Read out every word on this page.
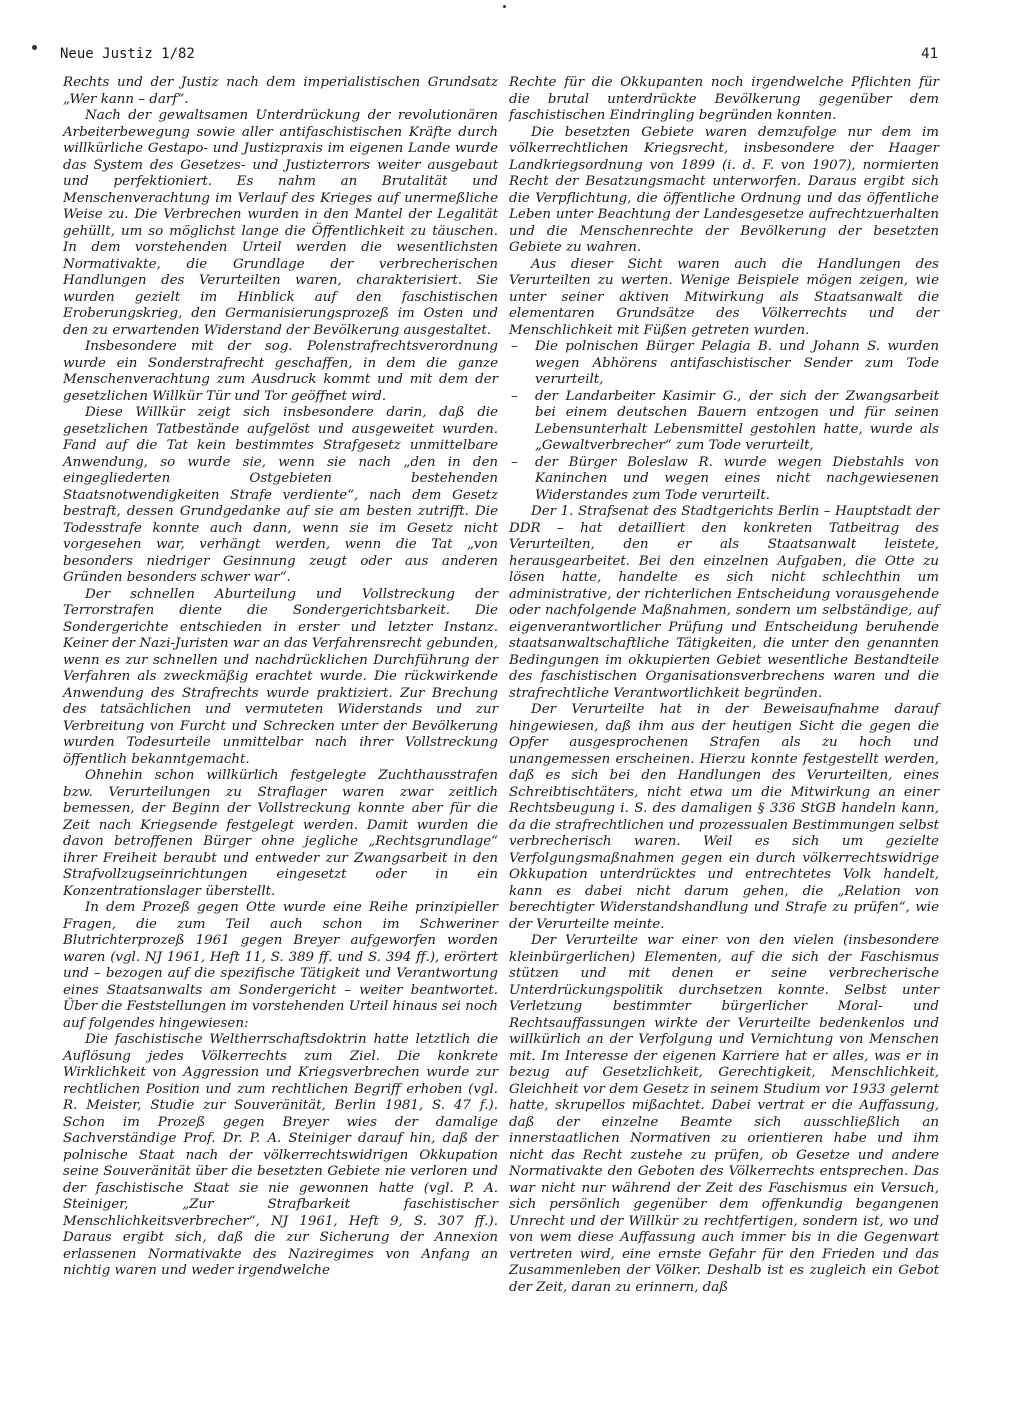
Neue Justiz 1/82	41

Rechts und der Justiz nach dem imperialistischen Grundsatz „Wer kann – darf“.

Nach der gewaltsamen Unterdrückung der revolutionären Arbeiterbewegung sowie aller antifaschistischen Kräfte durch willkürliche Gestapo- und Justizpraxis im eigenen Lande wurde das System des Gesetzes- und Justizterrors weiter ausgebaut und perfektioniert. Es nahm an Brutalität und Menschenverachtung im Verlauf des Krieges auf unermeßliche Weise zu. Die Verbrechen wurden in den Mantel der Legalität gehüllt, um so möglichst lange die Öffentlichkeit zu täuschen. In dem vorstehenden Urteil werden die wesentlichsten Normativakte, die Grundlage der verbrecherischen Handlungen des Verurteilten waren, charakterisiert. Sie wurden gezielt im Hinblick auf den faschistischen Eroberungskrieg, den Germanisierungsprozeß im Osten und den zu erwartenden Widerstand der Bevölkerung ausgestaltet.

Insbesondere mit der sog. Polenstrafrechtsverordnung wurde ein Sonderstrafrecht geschaffen, in dem die ganze Menschenverachtung zum Ausdruck kommt und mit dem der gesetzlichen Willkür Tür und Tor geöffnet wird.

Diese Willkür zeigt sich insbesondere darin, daß die gesetzlichen Tatbestände aufgelöst und ausgeweitet wurden. Fand auf die Tat kein bestimmtes Strafgesetz unmittelbare Anwendung, so wurde sie, wenn sie nach „den in den eingegliederten Ostgebieten bestehenden Staatsnotwendigkeiten Strafe verdiente“, nach dem Gesetz bestraft, dessen Grundgedanke auf sie am besten zutrifft. Die Todesstrafe konnte auch dann, wenn sie im Gesetz nicht vorgesehen war, verhängt werden, wenn die Tat „von besonders niedriger Gesinnung zeugt oder aus anderen Gründen besonders schwer war“.

Der schnellen Aburteilung und Vollstreckung der Terrorstrafen diente die Sondergerichtsbarkeit. Die Sondergerichte entschieden in erster und letzter Instanz. Keiner der Nazi-Juristen war an das Verfahrensrecht gebunden, wenn es zur schnellen und nachdrücklichen Durchführung der Verfahren als zweckmäßig erachtet wurde. Die rückwirkende Anwendung des Strafrechts wurde praktiziert. Zur Brechung des tatsächlichen und vermuteten Widerstands und zur Verbreitung von Furcht und Schrecken unter der Bevölkerung wurden Todesurteile unmittelbar nach ihrer Vollstreckung öffentlich bekanntgemacht.

Ohnehin schon willkürlich festgelegte Zuchthausstrafen bzw. Verurteilungen zu Straflager waren zwar zeitlich bemessen, der Beginn der Vollstreckung konnte aber für die Zeit nach Kriegsende festgelegt werden. Damit wurden die davon betroffenen Bürger ohne jegliche „Rechtsgrundlage“ ihrer Freiheit beraubt und entweder zur Zwangsarbeit in den Strafvollzugseinrichtungen eingesetzt oder in ein Konzentrationslager überstellt.

In dem Prozeß gegen Otte wurde eine Reihe prinzipieller Fragen, die zum Teil auch schon im Schweriner Blutrichterprozeß 1961 gegen Breyer aufgeworfen worden waren (vgl. NJ 1961, Heft 11, S. 389 ff. und S. 394 ff.), erörtert und – bezogen auf die spezifische Tätigkeit und Verantwortung eines Staatsanwalts am Sondergericht – weiter beantwortet. Über die Feststellungen im vorstehenden Urteil hinaus sei noch auf folgendes hingewiesen:

Die faschistische Weltherrschaftsdoktrin hatte letztlich die Auflösung jedes Völkerrechts zum Ziel. Die konkrete Wirklichkeit von Aggression und Kriegsverbrechen wurde zur rechtlichen Position und zum rechtlichen Begriff erhoben (vgl. R. Meister, Studie zur Souveränität, Berlin 1981, S. 47 f.). Schon im Prozeß gegen Breyer wies der damalige Sachverständige Prof. Dr. P. A. Steiniger darauf hin, daß der polnische Staat nach der völkerrechtswidrigen Okkupation seine Souveränität über die besetzten Gebiete nie verloren und der faschistische Staat sie nie gewonnen hatte (vgl. P. A. Steiniger, „Zur Strafbarkeit faschistischer Menschlichkeitsverbrecher“, NJ 1961, Heft 9, S. 307 ff.). Daraus ergibt sich, daß die zur Sicherung der Annexion erlassenen Normativakte des Naziregimes von Anfang an nichtig waren und weder irgendwelche

Rechte für die Okkupanten noch irgendwelche Pflichten für die brutal unterdrückte Bevölkerung gegenüber dem faschistischen Eindringling begründen konnten.

Die besetzten Gebiete waren demzufolge nur dem im völkerrechtlichen Kriegsrecht, insbesondere der Haager Landkriegsordnung von 1899 (i. d. F. von 1907), normierten Recht der Besatzungsmacht unterworfen. Daraus ergibt sich die Verpflichtung, die öffentliche Ordnung und das öffentliche Leben unter Beachtung der Landesgesetze aufrechtzuerhalten und die Menschenrechte der Bevölkerung der besetzten Gebiete zu wahren.

Aus dieser Sicht waren auch die Handlungen des Verurteilten zu werten. Wenige Beispiele mögen zeigen, wie unter seiner aktiven Mitwirkung als Staatsanwalt die elementaren Grundsätze des Völkerrechts und der Menschlichkeit mit Füßen getreten wurden.

– Die polnischen Bürger Pelagia B. und Johann S. wurden wegen Abhörens antifaschistischer Sender zum Tode verurteilt,
– der Landarbeiter Kasimir G., der sich der Zwangsarbeit bei einem deutschen Bauern entzogen und für seinen Lebensunterhalt Lebensmittel gestohlen hatte, wurde als „Gewaltverbrecher“ zum Tode verurteilt,
– der Bürger Boleslaw R. wurde wegen Diebstahls von Kaninchen und wegen eines nicht nachgewiesenen Widerstandes zum Tode verurteilt.

Der 1. Strafsenat des Stadtgerichts Berlin – Hauptstadt der DDR – hat detailliert den konkreten Tatbeitrag des Verurteilten, den er als Staatsanwalt leistete, herausgearbeitet. Bei den einzelnen Aufgaben, die Otte zu lösen hatte, handelte es sich nicht schlechthin um administrative, der richterlichen Entscheidung vorausgehende oder nachfolgende Maßnahmen, sondern um selbständige, auf eigenverantwortlicher Prüfung und Entscheidung beruhende staatsanwaltschaftliche Tätigkeiten, die unter den genannten Bedingungen im okkupierten Gebiet wesentliche Bestandteile des faschistischen Organisationsverbrechens waren und die strafrechtliche Verantwortlichkeit begründen.

Der Verurteilte hat in der Beweisaufnahme darauf hingewiesen, daß ihm aus der heutigen Sicht die gegen die Opfer ausgesprochenen Strafen als zu hoch und unangemessen erscheinen. Hierzu konnte festgestellt werden, daß es sich bei den Handlungen des Verurteilten, eines Schreibtischtäters, nicht etwa um die Mitwirkung an einer Rechtsbeugung i. S. des damaligen § 336 StGB handeln kann, da die strafrechtlichen und prozessualen Bestimmungen selbst verbrecherisch waren. Weil es sich um gezielte Verfolgungsmaßnahmen gegen ein durch völkerrechtswidrige Okkupation unterdrücktes und entrechtetes Volk handelt, kann es dabei nicht darum gehen, die „Relation von berechtigter Widerstandshandlung und Strafe zu prüfen“, wie der Verurteilte meinte.

Der Verurteilte war einer von den vielen (insbesondere kleinbürgerlichen) Elementen, auf die sich der Faschismus stützen und mit denen er seine verbrecherische Unterdrückungspolitik durchsetzen konnte. Selbst unter Verletzung bestimmter bürgerlicher Moral- und Rechtsauffassungen wirkte der Verurteilte bedenkenlos und willkürlich an der Verfolgung und Vernichtung von Menschen mit. Im Interesse der eigenen Karriere hat er alles, was er in bezug auf Gesetzlichkeit, Gerechtigkeit, Menschlichkeit, Gleichheit vor dem Gesetz in seinem Studium vor 1933 gelernt hatte, skrupellos mißachtet. Dabei vertrat er die Auffassung, daß der einzelne Beamte sich ausschließlich an innerstaatlichen Normativen zu orientieren habe und ihm nicht das Recht zustehe zu prüfen, ob Gesetze und andere Normativakte den Geboten des Völkerrechts entsprechen. Das war nicht nur während der Zeit des Faschismus ein Versuch, sich persönlich gegenüber dem offenkundig begangenen Unrecht und der Willkür zu rechtfertigen, sondern ist, wo und von wem diese Auffassung auch immer bis in die Gegenwart vertreten wird, eine ernste Gefahr für den Frieden und das Zusammenleben der Völker. Deshalb ist es zugleich ein Gebot der Zeit, daran zu erinnern, daß
